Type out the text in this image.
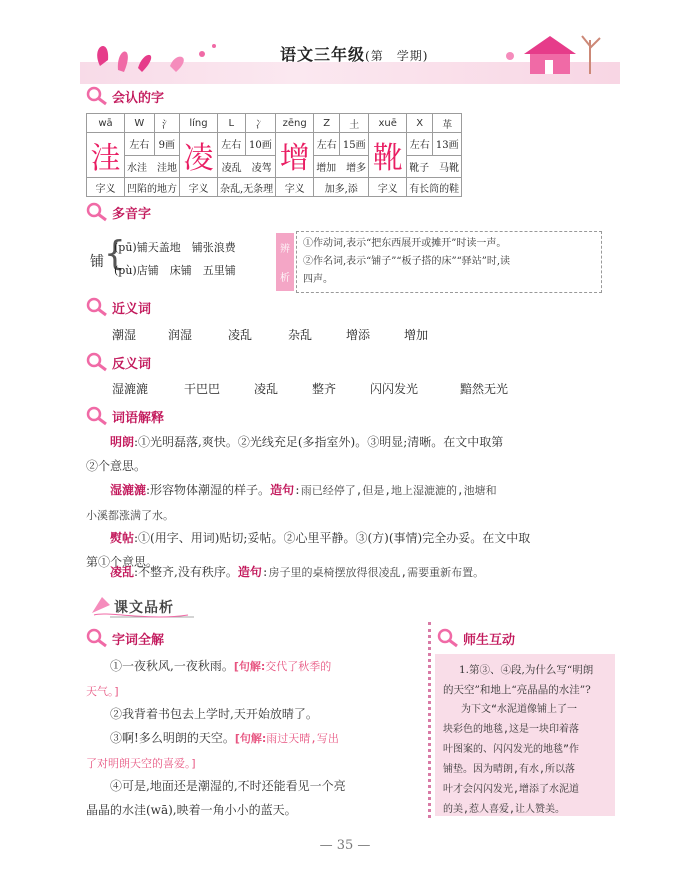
语文三年级(第　学期)
会认的字
wā	W	氵	líng	L	冫	zēng	Z	土	xuē	X	革
洼	左右	9画	凌	左右	10画	增	左右	15画	靴	左右	13画
	水洼　洼地			凌乱　凌驾			增加　增多			靴子　马靴	
字义	凹陷的地方		字义	杂乱,无条理		字义	加多,添		字义	有长筒的鞋	
多音字
铺 {
(pū)铺天盖地　铺张浪费
(pù)店铺　床铺　五里铺
辨
析
①作动词,表示“把东西展开或摊开”时读一声。
②作名词,表示“铺子”“板子搭的床”“驿站”时,读
四声。
近义词
潮湿	润湿	凌乱	杂乱	增添	增加
反义词
湿漉漉	干巴巴	凌乱	整齐	闪闪发光	黯然无光
词语解释
明朗:①光明磊落,爽快。②光线充足(多指室外)。③明显;清晰。在文中取第
②个意思。
湿漉漉:形容物体潮湿的样子。造句:雨已经停了,但是,地上湿漉漉的,池塘和
小溪都涨满了水。
熨帖:①(用字、用词)贴切;妥帖。②心里平静。③(方)(事情)完全办妥。在文中取
第①个意思。
凌乱:不整齐,没有秩序。造句:房子里的桌椅摆放得很凌乱,需要重新布置。
课文品析
字词全解
①一夜秋风,一夜秋雨。[句解:交代了秋季的
天气。]
②我背着书包去上学时,天开始放晴了。
③啊!多么明朗的天空。[句解:雨过天晴,写出
了对明朗天空的喜爱。]
④可是,地面还是潮湿的,不时还能看见一个亮
晶晶的水洼(wā),映着一角小小的蓝天。
师生互动
1.第③、④段,为什么写“明朗
的天空”和地上“亮晶晶的水洼”?
为下文“水泥道像铺上了一
块彩色的地毯,这是一块印着落
叶图案的、闪闪发光的地毯”作
铺垫。因为晴朗,有水,所以落
叶才会闪闪发光,增添了水泥道
的美,惹人喜爱,让人赞美。
— 35 —
